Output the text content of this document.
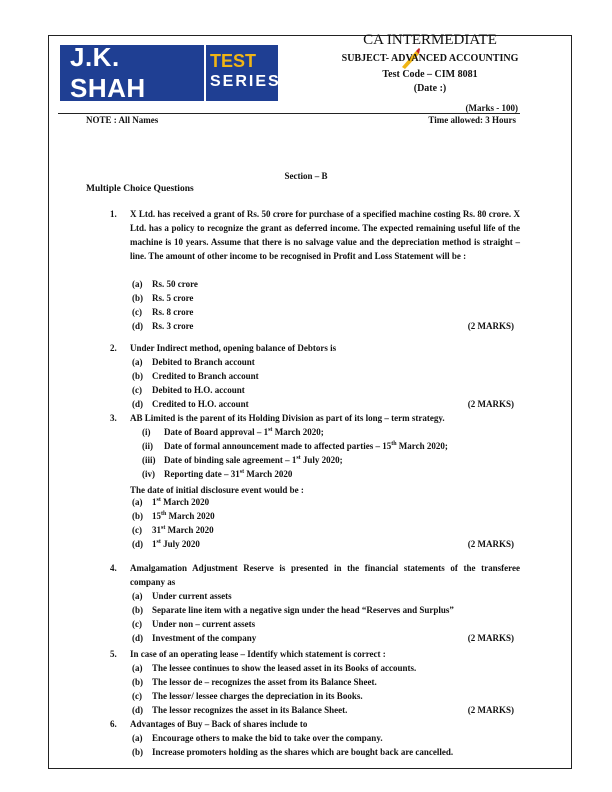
J.K. SHAH
TEST
SERIES
CA INTERMEDIATE
SUBJECT- ADVANCED ACCOUNTING
Test Code – CIM 8081
(Date :)
(Marks - 100)
NOTE : All Names	Time allowed: 3 Hours
Section – B
Multiple Choice Questions
1.	X Ltd. has received a grant of Rs. 50 crore for purchase of a specified machine costing Rs. 80 crore. X Ltd. has a policy to recognize the grant as deferred income. The expected remaining useful life of the machine is 10 years. Assume that there is no salvage value and the depreciation method is straight – line. The amount of other income to be recognised in Profit and Loss Statement will be :
(a) Rs. 50 crore
(b) Rs. 5 crore
(c) Rs. 8 crore
(d) Rs. 3 crore	(2 MARKS)
2.	Under Indirect method, opening balance of Debtors is
(a) Debited to Branch account
(b) Credited to Branch account
(c) Debited to H.O. account
(d) Credited to H.O. account	(2 MARKS)
3.	AB Limited is the parent of its Holding Division as part of its long – term strategy.
(i) Date of Board approval – 1st March 2020;
(ii) Date of formal announcement made to affected parties – 15th March 2020;
(iii) Date of binding sale agreement – 1st July 2020;
(iv) Reporting date – 31st March 2020
The date of initial disclosure event would be :
(a) 1st March 2020
(b) 15th March 2020
(c) 31st March 2020
(d) 1st July 2020	(2 MARKS)
4.	Amalgamation Adjustment Reserve is presented in the financial statements of the transferee company as
(a) Under current assets
(b) Separate line item with a negative sign under the head “Reserves and Surplus”
(c) Under non – current assets
(d) Investment of the company	(2 MARKS)
5.	In case of an operating lease – Identify which statement is correct :
(a) The lessee continues to show the leased asset in its Books of accounts.
(b) The lessor de – recognizes the asset from its Balance Sheet.
(c) The lessor/ lessee charges the depreciation in its Books.
(d) The lessor recognizes the asset in its Balance Sheet.	(2 MARKS)
6.	Advantages of Buy – Back of shares include to
(a) Encourage others to make the bid to take over the company.
(b) Increase promoters holding as the shares which are bought back are cancelled.
